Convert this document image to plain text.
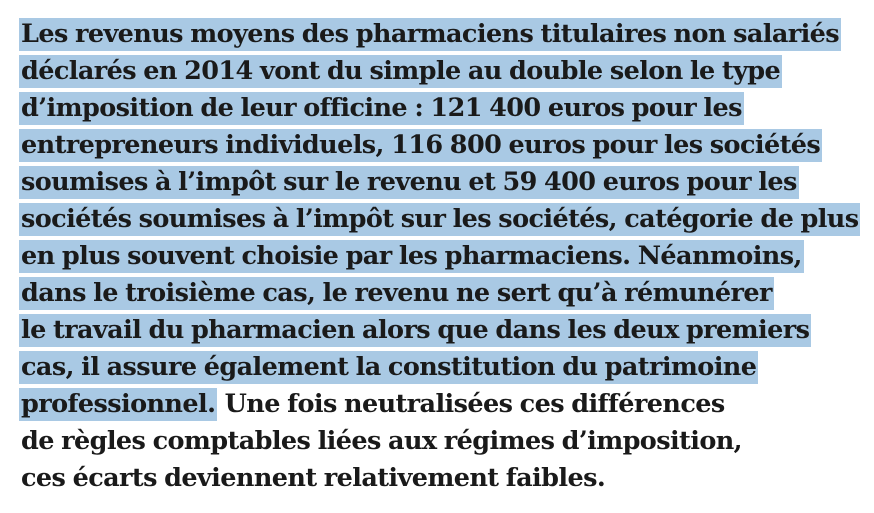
Les revenus moyens des pharmaciens titulaires non salariés
déclarés en 2014 vont du simple au double selon le type
d’imposition de leur officine : 121 400 euros pour les
entrepreneurs individuels, 116 800 euros pour les sociétés
soumises à l’impôt sur le revenu et 59 400 euros pour les
sociétés soumises à l’impôt sur les sociétés, catégorie de plus
en plus souvent choisie par les pharmaciens. Néanmoins,
dans le troisième cas, le revenu ne sert qu’à rémunérer
le travail du pharmacien alors que dans les deux premiers
cas, il assure également la constitution du patrimoine
professionnel. Une fois neutralisées ces différences
de règles comptables liées aux régimes d’imposition,
ces écarts deviennent relativement faibles.
